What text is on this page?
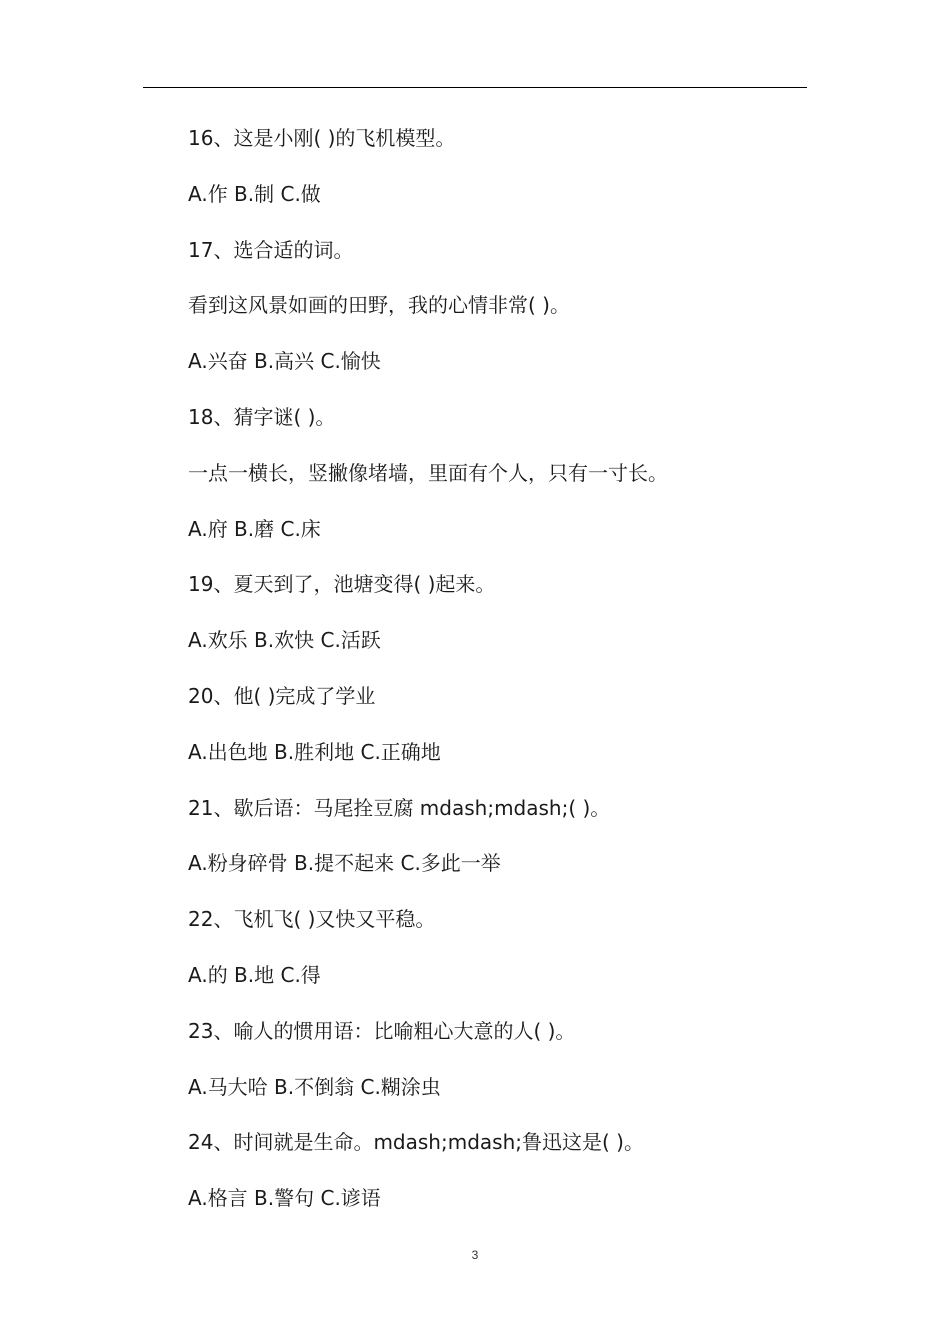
16、这是小刚( )的飞机模型。
A.作 B.制 C.做
17、选合适的词。
看到这风景如画的田野，我的心情非常( )。
A.兴奋 B.高兴 C.愉快
18、猜字谜( )。
一点一横长，竖撇像堵墙，里面有个人，只有一寸长。
A.府 B.磨 C.床
19、夏天到了，池塘变得( )起来。
A.欢乐 B.欢快 C.活跃
20、他( )完成了学业
A.出色地 B.胜利地 C.正确地
21、歇后语：马尾拴豆腐 mdash;mdash;( )。
A.粉身碎骨 B.提不起来 C.多此一举
22、飞机飞( )又快又平稳。
A.的 B.地 C.得
23、喻人的惯用语：比喻粗心大意的人( )。
A.马大哈 B.不倒翁 C.糊涂虫
24、时间就是生命。mdash;mdash;鲁迅这是( )。
A.格言 B.警句 C.谚语
3
